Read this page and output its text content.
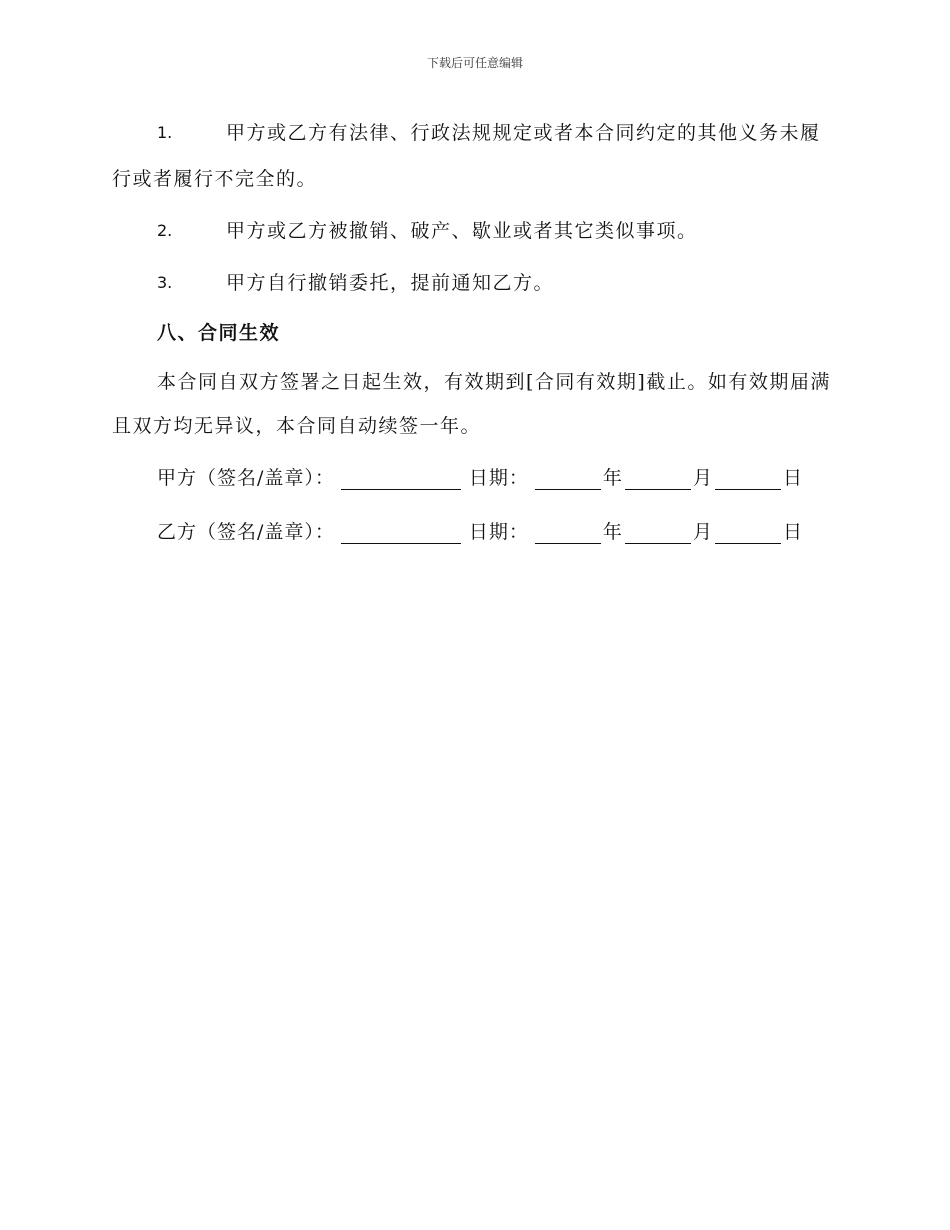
下载后可任意编辑
1.	甲方或乙方有法律、行政法规规定或者本合同约定的其他义务未履行或者履行不完全的。
2.	甲方或乙方被撤销、破产、歇业或者其它类似事项。
3.	甲方自行撤销委托，提前通知乙方。
八、合同生效
本合同自双方签署之日起生效，有效期到[合同有效期]截止。如有效期届满且双方均无异议，本合同自动续签一年。
甲方（签名/盖章）：	日期：	年	月	日
乙方（签名/盖章）：	日期：	年	月	日
